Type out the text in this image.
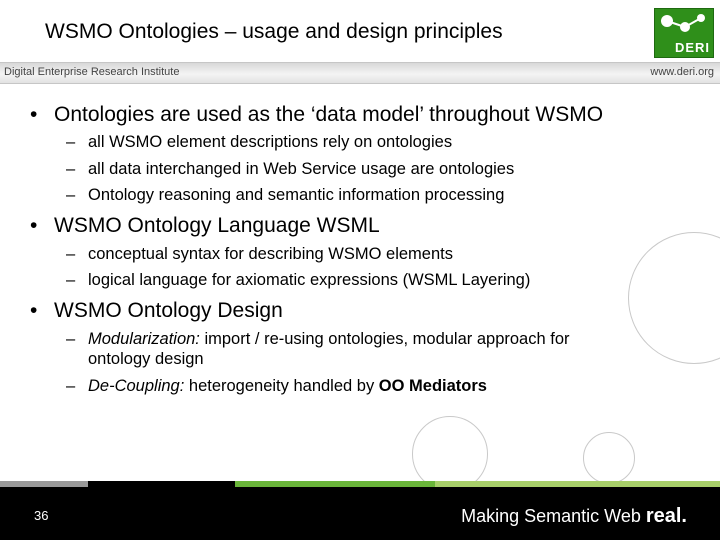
WSMO Ontologies – usage and design principles
DERI
Digital Enterprise Research Institute	www.deri.org
• Ontologies are used as the ‘data model’ throughout WSMO
– all WSMO element descriptions rely on ontologies
– all data interchanged in Web Service usage are ontologies
– Ontology reasoning and semantic information processing
• WSMO Ontology Language WSML
– conceptual syntax for describing WSMO elements
– logical language for axiomatic expressions (WSML Layering)
• WSMO Ontology Design
– Modularization: import / re-using ontologies, modular approach for
ontology design
– De-Coupling: heterogeneity handled by OO Mediators
36	Making Semantic Web real.
